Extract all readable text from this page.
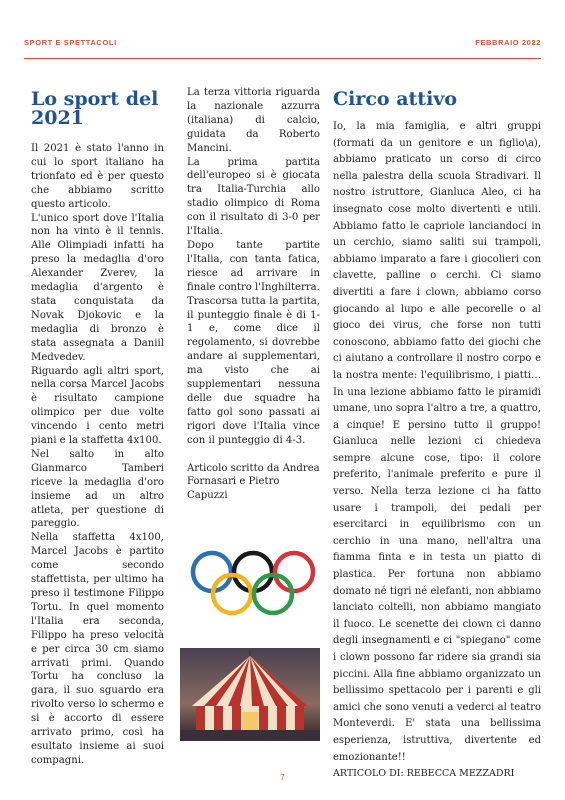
SPORT E SPETTACOLI	FEBBRAIO 2022
Lo sport del 2021

Il 2021 è stato l'anno in cui lo sport italiano ha trionfato ed è per questo che abbiamo scritto questo articolo.

L'unico sport dove l'Italia non ha vinto è il tennis. Alle Olimpiadi infatti ha preso la medaglia d'oro Alexander Zverev, la medaglia d'argento è stata conquistata da Novak Djokovic e la medaglia di bronzo è stata assegnata a Daniil Medvedev.

Riguardo agli altri sport, nella corsa Marcel Jacobs è risultato campione olimpico per due volte vincendo i cento metri piani e la staffetta 4x100.

Nel salto in alto Gianmarco Tamberi riceve la medaglia d'oro insieme ad un altro atleta, per questione di pareggio.

Nella staffetta 4x100, Marcel Jacobs è partito come secondo staffettista, per ultimo ha preso il testimone Filippo Tortu. In quel momento l'Italia era seconda, Filippo ha preso velocità e per circa 30 cm siamo arrivati primi. Quando Tortu ha concluso la gara, il suo sguardo era rivolto verso lo schermo e si è accorto di essere arrivato primo, così ha esultato insieme ai suoi compagni.

La terza vittoria riguarda la nazionale azzurra (italiana) di calcio, guidata da Roberto Mancini.

La prima partita dell'europeo si è giocata tra Italia-Turchia allo stadio olimpico di Roma con il risultato di 3-0 per l'Italia.

Dopo tante partite l'Italia, con tanta fatica, riesce ad arrivare in finale contro l'Inghilterra.

Trascorsa tutta la partita, il punteggio finale è di 1-1 e, come dice il regolamento, si dovrebbe andare ai supplementari, ma visto che ai supplementari nessuna delle due squadre ha fatto gol sono passati ai rigori dove l'Italia vince con il punteggio di 4-3.

Articolo scritto da Andrea Fornasari e Pietro Capuzzi

Circo attivo

Io, la mia famiglia, e altri gruppi (formati da un genitore e un figlio\a), abbiamo praticato un corso di circo nella palestra della scuola Stradivari. Il nostro istruttore, Gianluca Aleo, ci ha insegnato cose molto divertenti e utili. Abbiamo fatto le capriole lanciandoci in un cerchio, siamo saliti sui trampoli, abbiamo imparato a fare i giocolieri con clavette, palline o cerchi. Ci siamo divertiti a fare i clown, abbiamo corso giocando al lupo e alle pecorelle o al gioco dei virus, che forse non tutti conoscono, abbiamo fatto dei giochi che ci aiutano a controllare il nostro corpo e la nostra mente: l'equilibrismo, i piatti… In una lezione abbiamo fatto le piramidi umane, uno sopra l'altro a tre, a quattro, a cinque! E persino tutto il gruppo! Gianluca nelle lezioni ci chiedeva sempre alcune cose, tipo: il colore preferito, l'animale preferito e pure il verso. Nella terza lezione ci ha fatto usare i trampoli, dei pedali per esercitarci in equilibrismo con un cerchio in una mano, nell'altra una fiamma finta e in testa un piatto di plastica. Per fortuna non abbiamo domato né tigri né elefanti, non abbiamo lanciato coltelli, non abbiamo mangiato il fuoco. Le scenette dei clown ci danno degli insegnamenti e ci "spiegano" come i clown possono far ridere sia grandi sia piccini. Alla fine abbiamo organizzato un bellissimo spettacolo per i parenti e gli amici che sono venuti a vederci al teatro Monteverdi. E' stata una bellissima esperienza, istruttiva, divertente ed emozionante!!

ARTICOLO DI: REBECCA MEZZADRI

7
